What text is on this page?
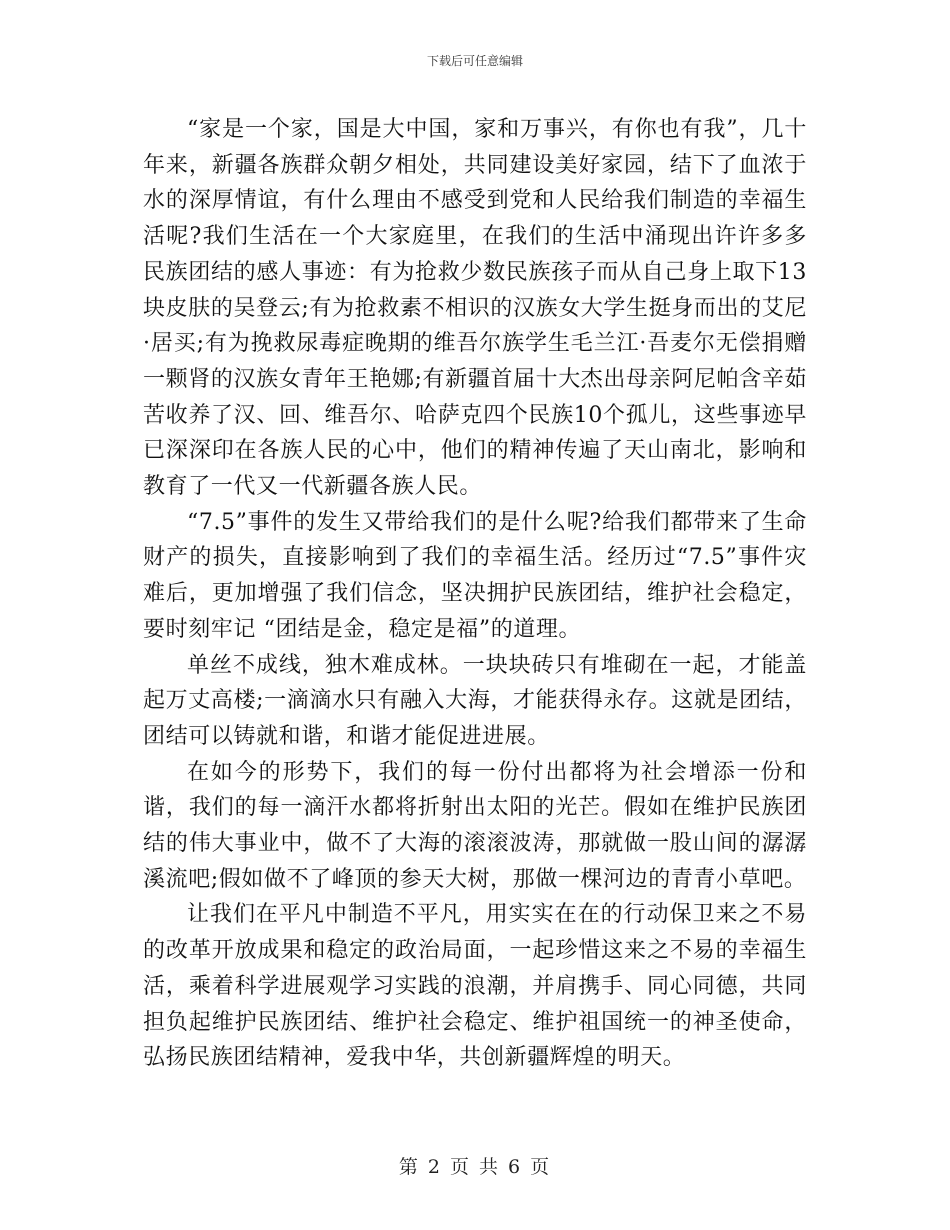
下载后可任意编辑

“家是一个家，国是大中国，家和万事兴，有你也有我”，几十年来，新疆各族群众朝夕相处，共同建设美好家园，结下了血浓于水的深厚情谊，有什么理由不感受到党和人民给我们制造的幸福生活呢?我们生活在一个大家庭里，在我们的生活中涌现出许许多多民族团结的感人事迹：有为抢救少数民族孩子而从自己身上取下13块皮肤的吴登云;有为抢救素不相识的汉族女大学生挺身而出的艾尼·居买;有为挽救尿毒症晚期的维吾尔族学生毛兰江·吾麦尔无偿捐赠一颗肾的汉族女青年王艳娜;有新疆首届十大杰出母亲阿尼帕含辛茹苦收养了汉、回、维吾尔、哈萨克四个民族10个孤儿，这些事迹早已深深印在各族人民的心中，他们的精神传遍了天山南北，影响和教育了一代又一代新疆各族人民。

“7.5”事件的发生又带给我们的是什么呢?给我们都带来了生命财产的损失，直接影响到了我们的幸福生活。经历过“7.5”事件灾难后，更加增强了我们信念，坚决拥护民族团结，维护社会稳定，要时刻牢记 “团结是金，稳定是福”的道理。

单丝不成线，独木难成林。一块块砖只有堆砌在一起，才能盖起万丈高楼;一滴滴水只有融入大海，才能获得永存。这就是团结，团结可以铸就和谐，和谐才能促进进展。

在如今的形势下，我们的每一份付出都将为社会增添一份和谐，我们的每一滴汗水都将折射出太阳的光芒。假如在维护民族团结的伟大事业中，做不了大海的滚滚波涛，那就做一股山间的潺潺溪流吧;假如做不了峰顶的参天大树，那做一棵河边的青青小草吧。

让我们在平凡中制造不平凡，用实实在在的行动保卫来之不易的改革开放成果和稳定的政治局面，一起珍惜这来之不易的幸福生活，乘着科学进展观学习实践的浪潮，并肩携手、同心同德，共同担负起维护民族团结、维护社会稳定、维护祖国统一的神圣使命，弘扬民族团结精神，爱我中华，共创新疆辉煌的明天。

第 2 页 共 6 页
